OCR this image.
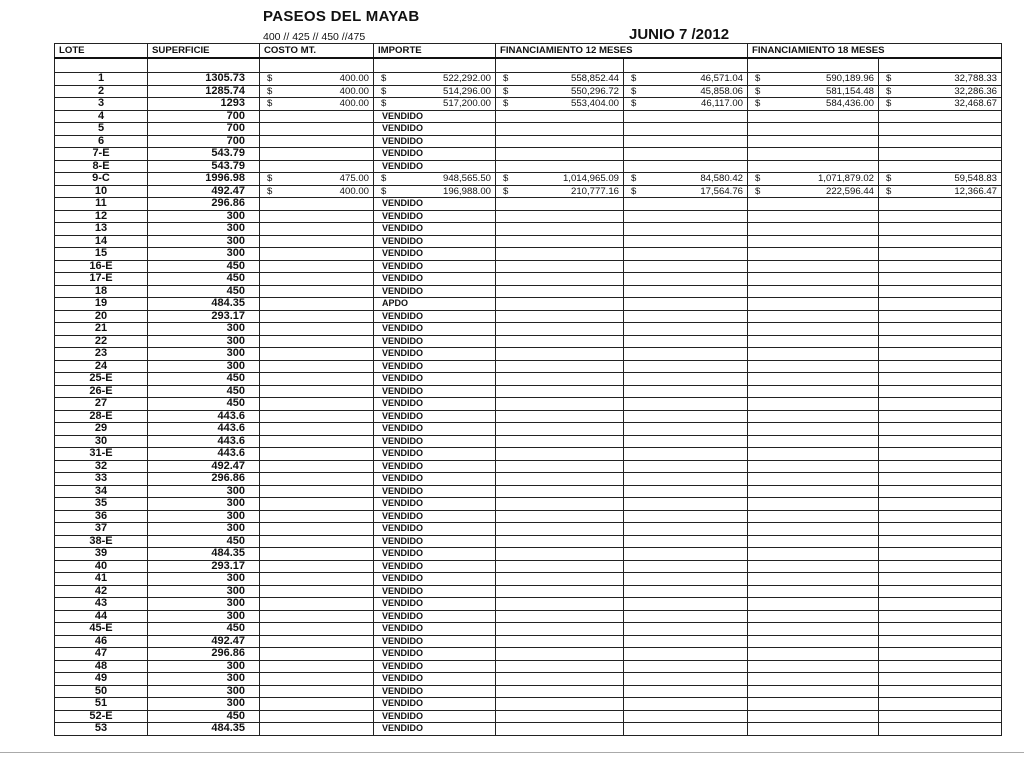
PASEOS DEL MAYAB
400 // 425 // 450 //475	JUNIO 7 /2012
LOTE	SUPERFICIE	COSTO MT.	IMPORTE	FINANCIAMIENTO 12 MESES		FINANCIAMIENTO 18 MESES	

1	1305.73	$ 400.00	$ 522,292.00	$ 558,852.44	$ 46,571.04	$ 590,189.96	$ 32,788.33

2	1285.74	$ 400.00	$ 514,296.00	$ 550,296.72	$ 45,858.06	$ 581,154.48	$ 32,286.36

3	1293	$ 400.00	$ 517,200.00	$ 553,404.00	$ 46,117.00	$ 584,436.00	$ 32,468.67

4	700		VENDIDO				
5	700		VENDIDO				
6	700		VENDIDO				
7-E	543.79		VENDIDO				
8-E	543.79		VENDIDO				
9-C	1996.98	$ 475.00	$ 948,565.50	$ 1,014,965.09	$ 84,580.42	$ 1,071,879.02	$ 59,548.83

10	492.47	$ 400.00	$ 196,988.00	$ 210,777.16	$ 17,564.76	$ 222,596.44	$ 12,366.47

11	296.86		VENDIDO				
12	300		VENDIDO				
13	300		VENDIDO				
14	300		VENDIDO				
15	300		VENDIDO				
16-E	450		VENDIDO				
17-E	450		VENDIDO				
18	450		VENDIDO				
19	484.35		APDO				
20	293.17		VENDIDO				
21	300		VENDIDO				
22	300		VENDIDO				
23	300		VENDIDO				
24	300		VENDIDO				
25-E	450		VENDIDO				
26-E	450		VENDIDO				
27	450		VENDIDO				
28-E	443.6		VENDIDO				
29	443.6		VENDIDO				
30	443.6		VENDIDO				
31-E	443.6		VENDIDO				
32	492.47		VENDIDO				
33	296.86		VENDIDO				
34	300		VENDIDO				
35	300		VENDIDO				
36	300		VENDIDO				
37	300		VENDIDO				
38-E	450		VENDIDO				
39	484.35		VENDIDO				
40	293.17		VENDIDO				
41	300		VENDIDO				
42	300		VENDIDO				
43	300		VENDIDO				
44	300		VENDIDO				
45-E	450		VENDIDO				
46	492.47		VENDIDO				
47	296.86		VENDIDO				
48	300		VENDIDO				
49	300		VENDIDO				
50	300		VENDIDO				
51	300		VENDIDO				
52-E	450		VENDIDO				
53	484.35		VENDIDO				
